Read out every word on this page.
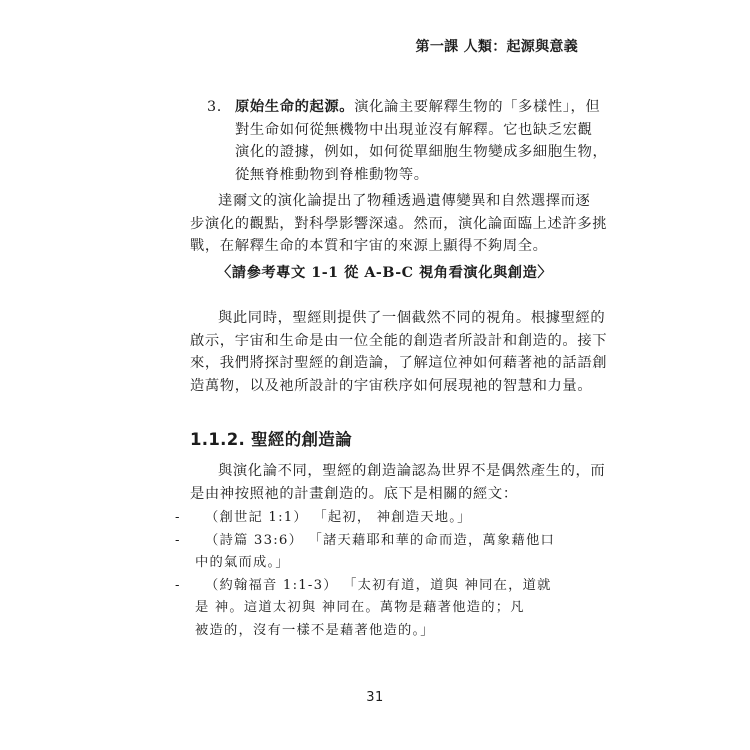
第一課 人類：起源與意義
3. 原始生命的起源。演化論主要解釋生物的「多樣性」，但
對生命如何從無機物中出現並沒有解釋。它也缺乏宏觀
演化的證據，例如，如何從單細胞生物變成多細胞生物，
從無脊椎動物到脊椎動物等。

達爾文的演化論提出了物種透過遺傳變異和自然選擇而逐

步演化的觀點，對科學影響深遠。然而，演化論面臨上述許多挑

戰，在解釋生命的本質和宇宙的來源上顯得不夠周全。

〈請參考專文 1-1 從 A-B-C 視角看演化與創造〉

與此同時，聖經則提供了一個截然不同的視角。根據聖經的

啟示，宇宙和生命是由一位全能的創造者所設計和創造的。接下

來，我們將探討聖經的創造論，了解這位神如何藉著祂的話語創

造萬物，以及祂所設計的宇宙秩序如何展現祂的智慧和力量。

1.1.2. 聖經的創造論

與演化論不同，聖經的創造論認為世界不是偶然產生的，而

是由神按照祂的計畫創造的。底下是相關的經文：

-	（創世記 1:1） 「起初， 神創造天地。」
-	（詩篇 33:6） 「諸天藉耶和華的命而造，萬象藉他口
中的氣而成。」
-	（約翰福音 1:1-3） 「太初有道，道與 神同在，道就
是 神。這道太初與 神同在。萬物是藉著他造的；凡
被造的，沒有一樣不是藉著他造的。」
31
